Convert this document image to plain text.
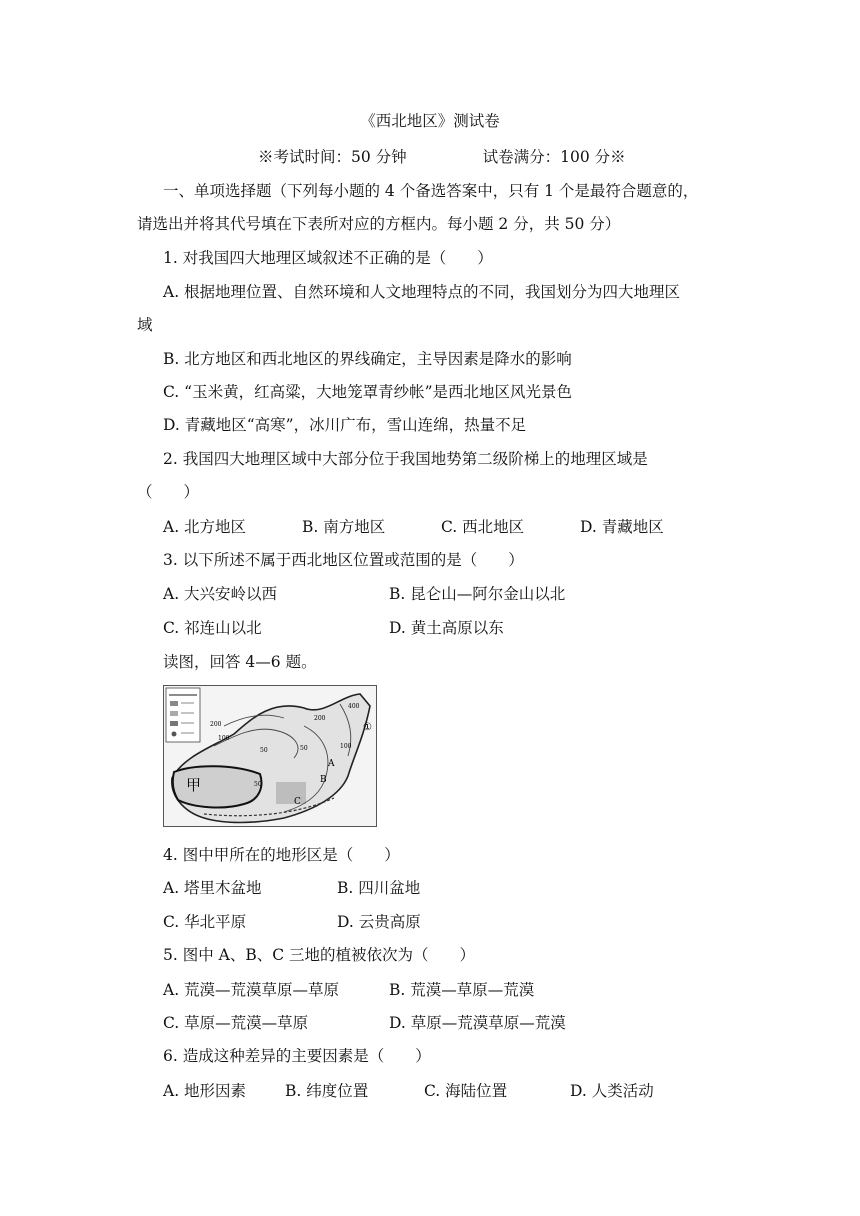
《西北地区》测试卷
※考试时间：50 分钟	试卷满分：100 分※
一、单项选择题（下列每小题的 4 个备选答案中，只有 1 个是最符合题意的，
请选出并将其代号填在下表所对应的方框内。每小题 2 分，共 50 分）
1. 对我国四大地理区域叙述不正确的是（　　）
A. 根据地理位置、自然环境和人文地理特点的不同，我国划分为四大地理区
域
B. 北方地区和西北地区的界线确定，主导因素是降水的影响
C. “玉米黄，红高粱，大地笼罩青纱帐”是西北地区风光景色
D. 青藏地区“高寒”，冰川广布，雪山连绵，热量不足
2. 我国四大地理区域中大部分位于我国地势第二级阶梯上的地理区域是
（　　）
A. 北方地区	B. 南方地区	C. 西北地区	D. 青藏地区
3. 以下所述不属于西北地区位置或范围的是（　　）
A. 大兴安岭以西	B. 昆仑山—阿尔金山以北
C. 祁连山以北	D. 黄土高原以东
读图，回答 4—6 题。
甲
A
B
C
①
400
200
100
50
50
200
50	100
4. 图中甲所在的地形区是（　　）
A. 塔里木盆地	B. 四川盆地
C. 华北平原	D. 云贵高原
5. 图中 A、B、C 三地的植被依次为（　　）
A. 荒漠—荒漠草原—草原	B. 荒漠—草原—荒漠
C. 草原—荒漠—草原	D. 草原—荒漠草原—荒漠
6. 造成这种差异的主要因素是（　　）
A. 地形因素	B. 纬度位置	C. 海陆位置	D. 人类活动
